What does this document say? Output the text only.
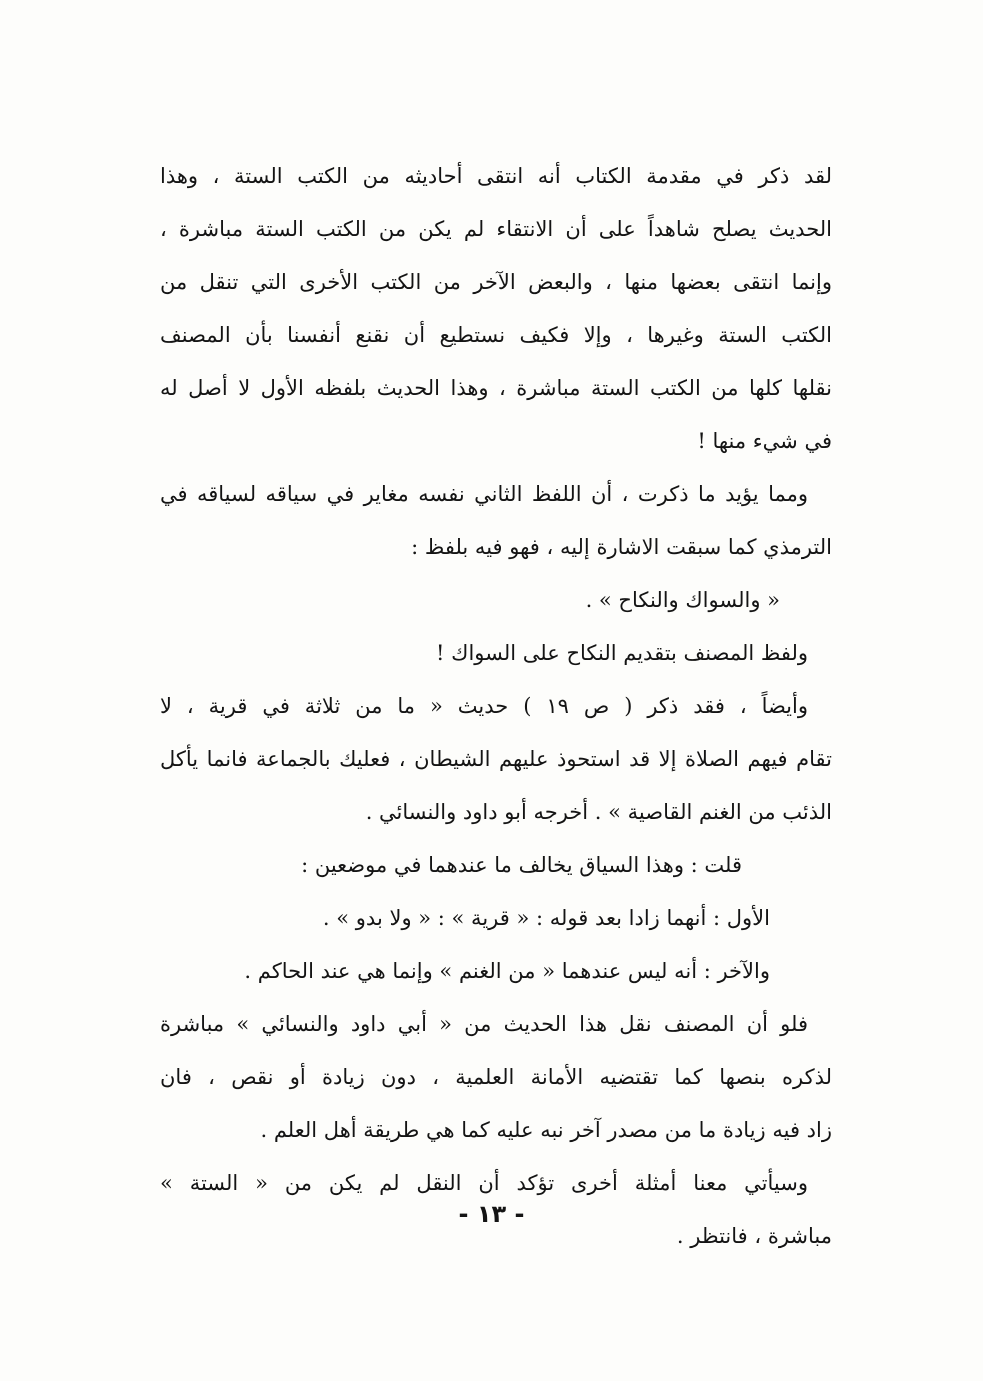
لقد ذكر في مقدمة الكتاب أنه انتقى أحاديثه من الكتب الستة ، وهذا
الحديث يصلح شاهداً على أن الانتقاء لم يكن من الكتب الستة مباشرة ،
وإنما انتقى بعضها منها ، والبعض الآخر من الكتب الأخرى التي تنقل من
الكتب الستة وغيرها ، وإلا فكيف نستطيع أن نقنع أنفسنا بأن المصنف
نقلها كلها من الكتب الستة مباشرة ، وهذا الحديث بلفظه الأول لا أصل له
في شيء منها !
ومما يؤيد ما ذكرت ، أن اللفظ الثاني نفسه مغاير في سياقه لسياقه في
الترمذي كما سبقت الاشارة إليه ، فهو فيه بلفظ :
« والسواك والنكاح » .
ولفظ المصنف بتقديم النكاح على السواك !
وأيضاً ، فقد ذكر ( ص ١٩ ) حديث « ما من ثلاثة في قرية ، لا
تقام فيهم الصلاة إلا قد استحوذ عليهم الشيطان ، فعليك بالجماعة فانما يأكل
الذئب من الغنم القاصية » . أخرجه أبو داود والنسائي .
قلت : وهذا السياق يخالف ما عندهما في موضعين :
الأول : أنهما زادا بعد قوله : « قرية » : « ولا بدو » .
والآخر : أنه ليس عندهما « من الغنم » وإنما هي عند الحاكم .
فلو أن المصنف نقل هذا الحديث من « أبي داود والنسائي » مباشرة
لذكره بنصها كما تقتضيه الأمانة العلمية ، دون زيادة أو نقص ، فان
زاد فيه زيادة ما من مصدر آخر نبه عليه كما هي طريقة أهل العلم .
وسيأتي معنا أمثلة أخرى تؤكد أن النقل لم يكن من « الستة »
مباشرة ، فانتظر .
- ١٣ -
